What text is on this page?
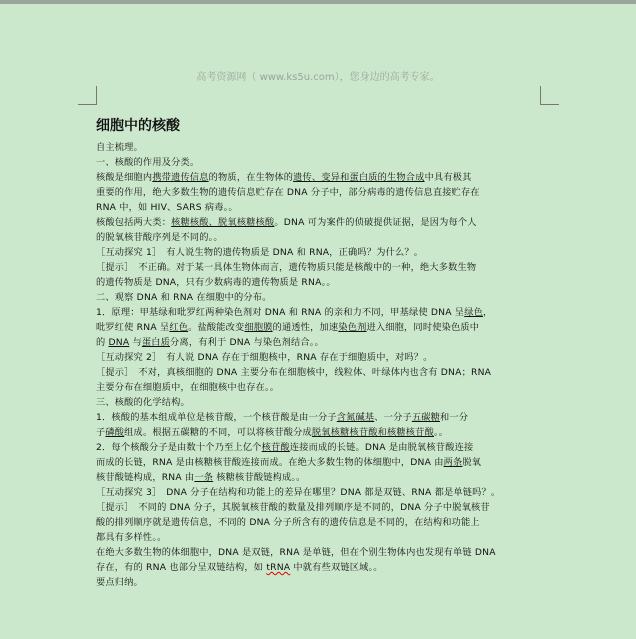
高考资源网（ www.ks5u.com），您身边的高考专家。
细胞中的核酸

自主梳理。

一、核酸的作用及分类。

核酸是细胞内携带遗传信息的物质，在生物体的遗传、变异和蛋白质的生物合成中具有极其

重要的作用，绝大多数生物的遗传信息贮存在 DNA 分子中，部分病毒的遗传信息直接贮存在

RNA 中，如 HIV、SARS 病毒。。

核酸包括两大类：核糖核酸、脱氧核糖核酸。DNA 可为案件的侦破提供证据，是因为每个人

的脱氧核苷酸序列是不同的。。

［互动探究 1］　有人说生物的遗传物质是 DNA 和 RNA，正确吗？为什么？。

［提示］　不正确。对于某一具体生物体而言，遗传物质只能是核酸中的一种，绝大多数生物

的遗传物质是 DNA，只有少数病毒的遗传物质是 RNA。。

二、观察 DNA 和 RNA 在细胞中的分布。

1．原理：甲基绿和吡罗红两种染色剂对 DNA 和 RNA 的亲和力不同，甲基绿使 DNA 呈绿色，

吡罗红使 RNA 呈红色。盐酸能改变细胞膜的通透性，加速染色剂进入细胞，同时使染色质中

的 DNA 与蛋白质分离，有利于 DNA 与染色剂结合。。

［互动探究 2］　有人说 DNA 存在于细胞核中，RNA 存在于细胞质中，对吗？。

［提示］　不对，真核细胞的 DNA 主要分布在细胞核中，线粒体、叶绿体内也含有 DNA；RNA

主要分布在细胞质中，在细胞核中也存在。。

三、核酸的化学结构。

1．核酸的基本组成单位是核苷酸，一个核苷酸是由一分子含氮碱基、一分子五碳糖和一分

子磷酸组成。根据五碳糖的不同，可以将核苷酸分成脱氧核糖核苷酸和核糖核苷酸。。

2．每个核酸分子是由数十个乃至上亿个核苷酸连接而成的长链。DNA 是由脱氧核苷酸连接

而成的长链，RNA 是由核糖核苷酸连接而成。在绝大多数生物的体细胞中，DNA 由两条脱氧

核苷酸链构成，RNA 由一条 核糖核苷酸链构成。。

［互动探究 3］　DNA 分子在结构和功能上的差异在哪里？DNA 都是双链、RNA 都是单链吗？。

［提示］　不同的 DNA 分子，其脱氧核苷酸的数量及排列顺序是不同的，DNA 分子中脱氧核苷

酸的排列顺序就是遗传信息，不同的 DNA 分子所含有的遗传信息是不同的，在结构和功能上

都具有多样性。。

在绝大多数生物的体细胞中，DNA 是双链，RNA 是单链，但在个别生物体内也发现有单链 DNA

存在，有的 RNA 也部分呈双链结构，如 tRNA 中就有些双链区域。。

要点归纳。
